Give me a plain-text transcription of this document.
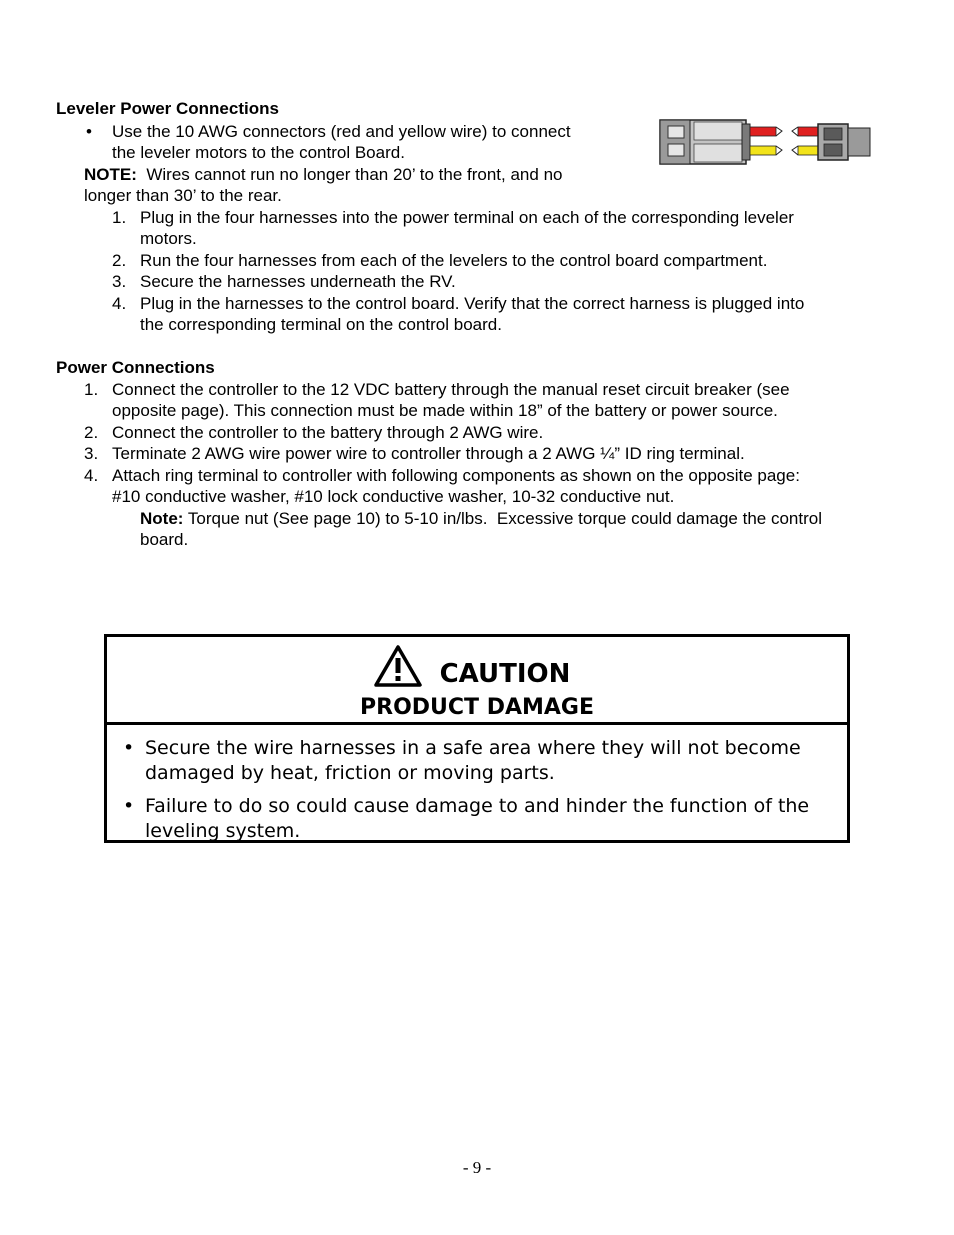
Leveler Power Connections
• Use the 10 AWG connectors (red and yellow wire) to connect
the leveler motors to the control Board.
NOTE:  Wires cannot run no longer than 20’ to the front, and no
longer than 30’ to the rear.
1. Plug in the four harnesses into the power terminal on each of the corresponding leveler
motors.
2. Run the four harnesses from each of the levelers to the control board compartment.
3. Secure the harnesses underneath the RV.
4. Plug in the harnesses to the control board. Verify that the correct harness is plugged into
the corresponding terminal on the control board.
Power Connections
1. Connect the controller to the 12 VDC battery through the manual reset circuit breaker (see
opposite page). This connection must be made within 18” of the battery or power source.
2. Connect the controller to the battery through 2 AWG wire.
3. Terminate 2 AWG wire power wire to controller through a 2 AWG ¼” ID ring terminal.
4. Attach ring terminal to controller with following components as shown on the opposite page:
#10 conductive washer, #10 lock conductive washer, 10-32 conductive nut.
Note: Torque nut (See page 10) to 5-10 in/lbs.  Excessive torque could damage the control
board.
CAUTION
PRODUCT DAMAGE
• Secure the wire harnesses in a safe area where they will not become
damaged by heat, friction or moving parts.
• Failure to do so could cause damage to and hinder the function of the
leveling system.
- 9 -
